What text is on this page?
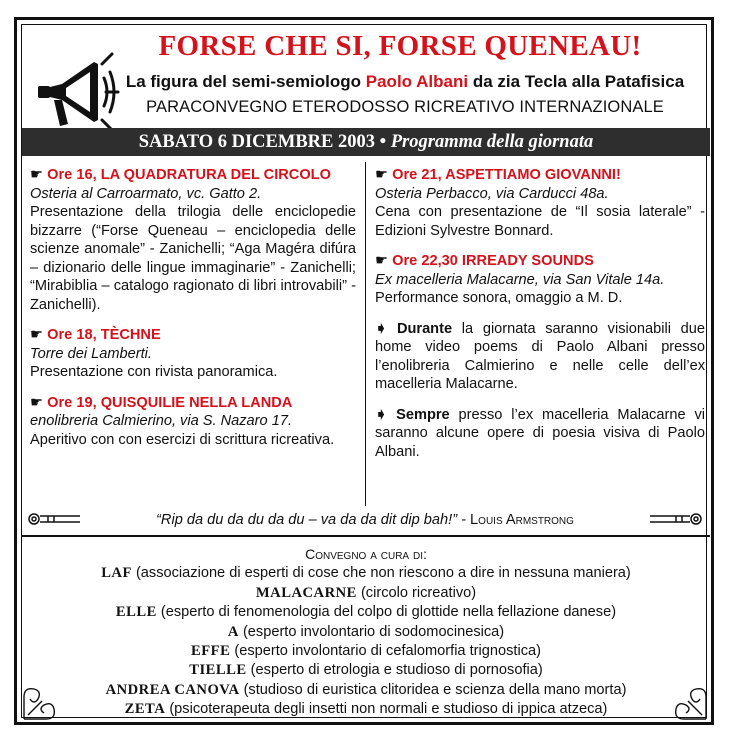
FORSE CHE SI, FORSE QUENEAU!
La figura del semi-semiologo Paolo Albani da zia Tecla alla Patafisica
PARACONVEGNO ETERODOSSO RICREATIVO INTERNAZIONALE
SABATO 6 DICEMBRE 2003 • Programma della giornata
☛ Ore 16, LA QUADRATURA DEL CIRCOLO

Osteria al Carroarmato, vc. Gatto 2.

Presentazione della trilogia delle enciclopedie bizzarre (“Forse Queneau – enciclopedia delle scienze anomale” - Zanichelli; “Aga Magéra difúra – dizionario delle lingue immaginarie” - Zanichelli; “Mirabiblia – catalogo ragionato di libri introvabili” - Zanichelli).

☛ Ore 18, TÈCHNE

Torre dei Lamberti.

Presentazione con rivista panoramica.

☛ Ore 19, QUISQUILIE NELLA LANDA

enolibreria Calmierino, via S. Nazaro 17.

Aperitivo con con esercizi di scrittura ricreativa.

☛ Ore 21, ASPETTIAMO GIOVANNI!

Osteria Perbacco, via Carducci 48a.

Cena con presentazione de “Il sosia laterale” - Edizioni Sylvestre Bonnard.

☛ Ore 22,30 IRREADY SOUNDS

Ex macelleria Malacarne, via San Vitale 14a.

Performance sonora, omaggio a M. D.

➧ Durante la giornata saranno visionabili due home video poems di Paolo Albani presso l’enolibreria Calmierino e nelle celle dell’ex macelleria Malacarne.

➧ Sempre presso l’ex macelleria Malacarne vi saranno alcune opere di poesia visiva di Paolo Albani.

“Rip da du da du da du – va da da dit dip bah!” - Louis Armstrong
Convegno a cura di:
LAF (associazione di esperti di cose che non riescono a dire in nessuna maniera)
MALACARNE (circolo ricreativo)
ELLE (esperto di fenomenologia del colpo di glottide nella fellazione danese)
A (esperto involontario di sodomocinesica)
EFFE (esperto involontario di cefalomorfia trignostica)
TIELLE (esperto di etrologia e studioso di pornosofia)
ANDREA CANOVA (studioso di euristica clitoridea e scienza della mano morta)
ZETA (psicoterapeuta degli insetti non normali e studioso di ippica atzeca)
